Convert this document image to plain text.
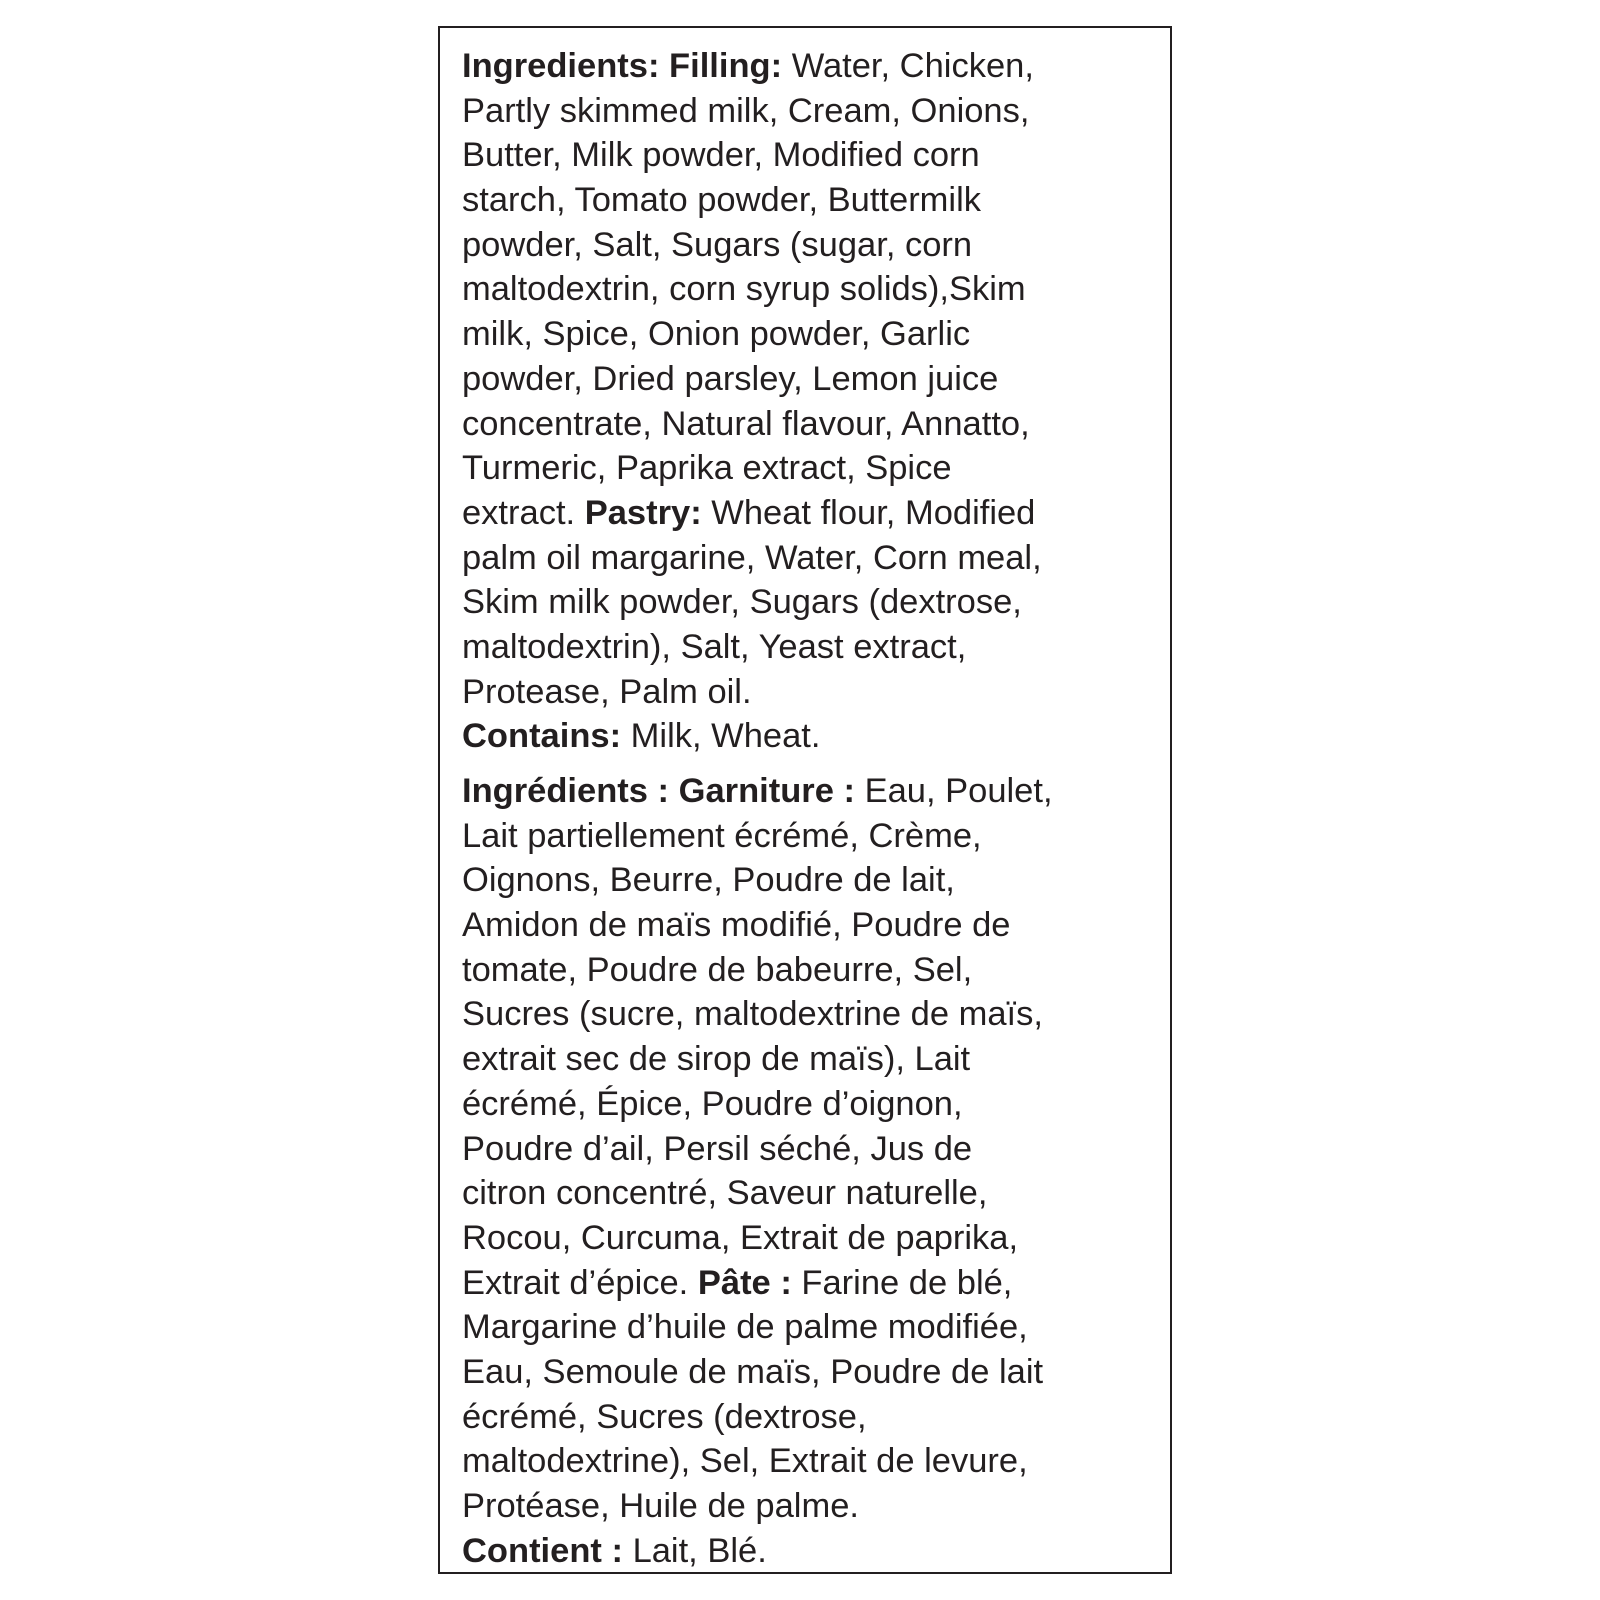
Ingredients: Filling: Water, Chicken,
Partly skimmed milk, Cream, Onions,
Butter, Milk powder, Modified corn
starch, Tomato powder, Buttermilk
powder, Salt, Sugars (sugar, corn
maltodextrin, corn syrup solids),Skim
milk, Spice, Onion powder, Garlic
powder, Dried parsley, Lemon juice
concentrate, Natural flavour, Annatto,
Turmeric, Paprika extract, Spice
extract. Pastry: Wheat flour, Modified
palm oil margarine, Water, Corn meal,
Skim milk powder, Sugars (dextrose,
maltodextrin), Salt, Yeast extract,
Protease, Palm oil.
Contains: Milk, Wheat.
Ingrédients : Garniture : Eau, Poulet,
Lait partiellement écrémé, Crème,
Oignons, Beurre, Poudre de lait,
Amidon de maïs modifié, Poudre de
tomate, Poudre de babeurre, Sel,
Sucres (sucre, maltodextrine de maïs,
extrait sec de sirop de maïs), Lait
écrémé, Épice, Poudre d’oignon,
Poudre d’ail, Persil séché, Jus de
citron concentré, Saveur naturelle,
Rocou, Curcuma, Extrait de paprika,
Extrait d’épice. Pâte : Farine de blé,
Margarine d’huile de palme modifiée,
Eau, Semoule de maïs, Poudre de lait
écrémé, Sucres (dextrose,
maltodextrine), Sel, Extrait de levure,
Protéase, Huile de palme.
Contient : Lait, Blé.
